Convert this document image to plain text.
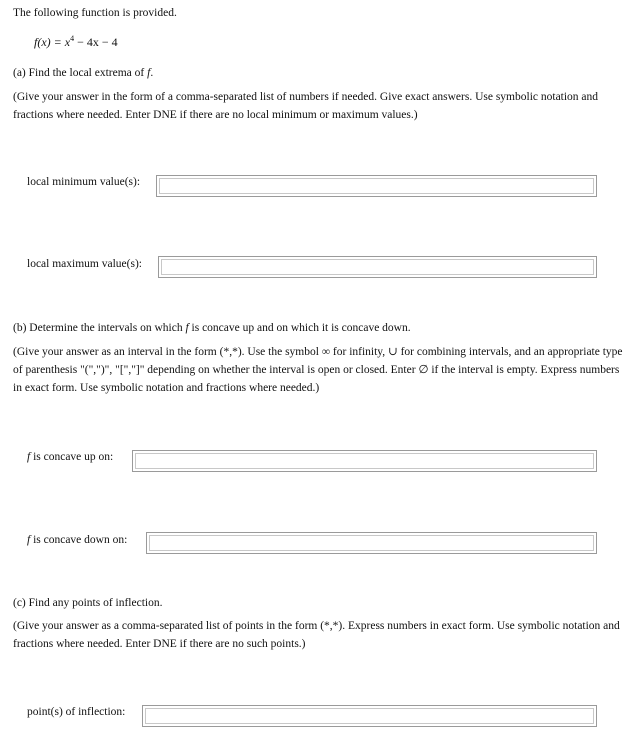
The following function is provided.
$f(x) = x^4 - 4x - 4$
(a) Find the local extrema of f.
(Give your answer in the form of a comma-separated list of numbers if needed. Give exact answers. Use symbolic notation and fractions where needed. Enter DNE if there are no local minimum or maximum values.)
local minimum value(s):
local maximum value(s):
(b) Determine the intervals on which f is concave up and on which it is concave down.
(Give your answer as an interval in the form (*,*). Use the symbol ∞ for infinity, ∪ for combining intervals, and an appropriate type of parenthesis "(",")", "[","]" depending on whether the interval is open or closed. Enter ∅ if the interval is empty. Express numbers in exact form. Use symbolic notation and fractions where needed.)
f is concave up on:
f is concave down on:
(c) Find any points of inflection.
(Give your answer as a comma-separated list of points in the form (*,*). Express numbers in exact form. Use symbolic notation and fractions where needed. Enter DNE if there are no such points.)
point(s) of inflection:
